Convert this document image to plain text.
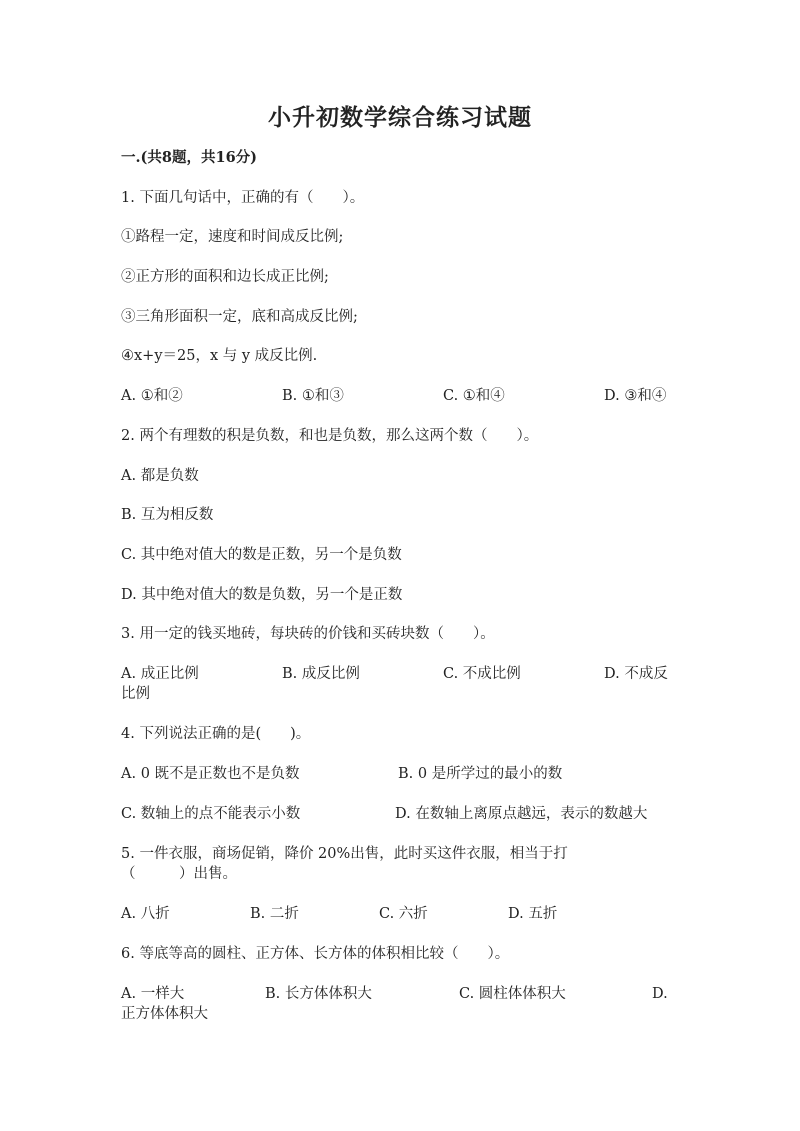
小升初数学综合练习试题
一.(共8题，共16分)
1. 下面几句话中，正确的有（　　）。
①路程一定，速度和时间成反比例;
②正方形的面积和边长成正比例;
③三角形面积一定，底和高成反比例;
④x+y＝25，x 与 y 成反比例.
A. ①和②	B. ①和③	C. ①和④	D. ③和④
2. 两个有理数的积是负数，和也是负数，那么这两个数（　　）。
A. 都是负数
B. 互为相反数
C. 其中绝对值大的数是正数，另一个是负数
D. 其中绝对值大的数是负数，另一个是正数
3. 用一定的钱买地砖，每块砖的价钱和买砖块数（　　）。
A. 成正比例	B. 成反比例	C. 不成比例	D. 不成反
比例
4. 下列说法正确的是(　　)。
A. 0 既不是正数也不是负数	B. 0 是所学过的最小的数
C. 数轴上的点不能表示小数	D. 在数轴上离原点越远，表示的数越大
5. 一件衣服，商场促销，降价 20%出售，此时买这件衣服，相当于打
（　　　）出售。
A. 八折	B. 二折	C. 六折	D. 五折
6. 等底等高的圆柱、正方体、长方体的体积相比较（　　）。
A. 一样大	B. 长方体体积大	C. 圆柱体体积大	D.
正方体体积大
